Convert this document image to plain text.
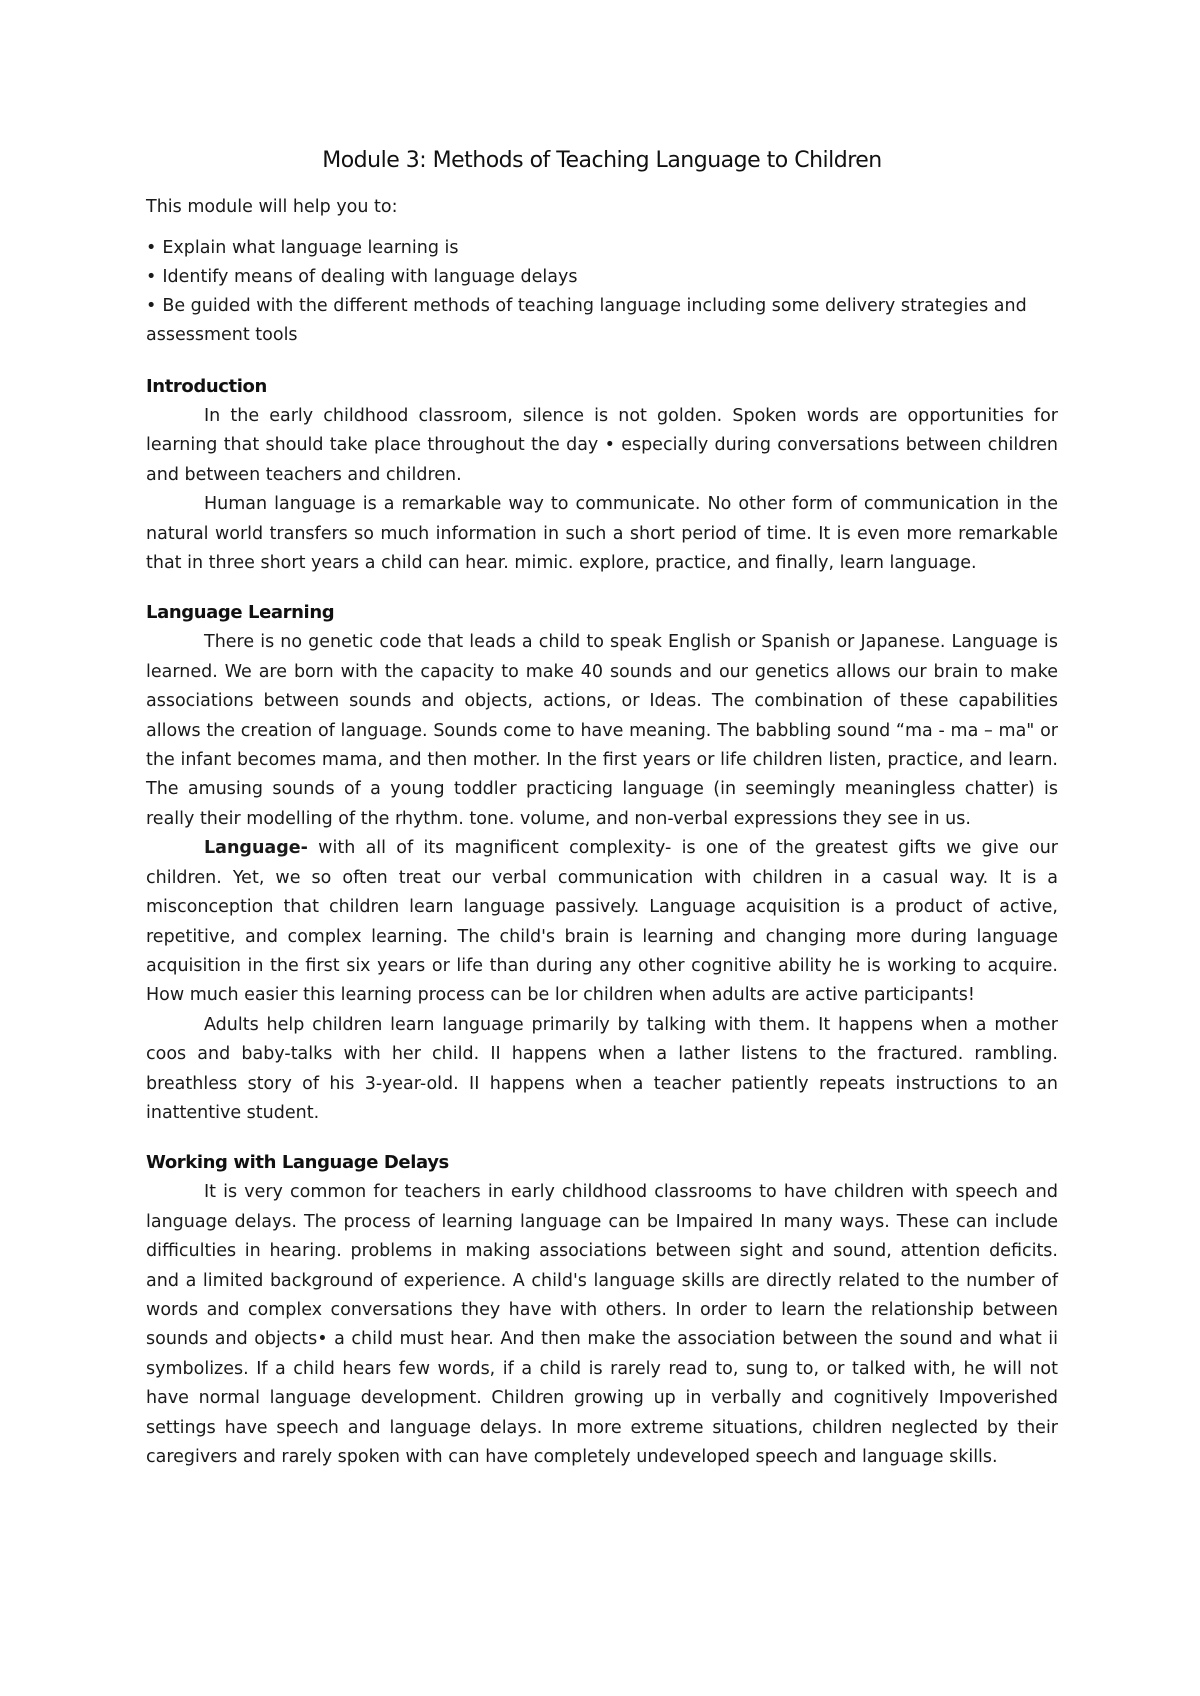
Module 3: Methods of Teaching Language to Children

This module will help you to:

• Explain what language learning is
• Identify means of dealing with language delays
• Be guided with the different methods of teaching language including some delivery strategies and assessment tools
Introduction

In the early childhood classroom, silence is not golden. Spoken words are opportunities for learning that should take place throughout the day • especially during conversations between children and between teachers and children.

Human language is a remarkable way to communicate. No other form of communication in the natural world transfers so much information in such a short period of time. It is even more remarkable that in three short years a child can hear. mimic. explore, practice, and finally, learn language.

Language Learning

There is no genetic code that leads a child to speak English or Spanish or Japanese. Language is learned. We are born with the capacity to make 40 sounds and our genetics allows our brain to make associations between sounds and objects, actions, or Ideas. The combination of these capabilities allows the creation of language. Sounds come to have meaning. The babbling sound “ma - ma – ma" or the infant becomes mama, and then mother. In the first years or life children listen, practice, and learn. The amusing sounds of a young toddler practicing language (in seemingly meaningless chatter) is really their modelling of the rhythm. tone. volume, and non-verbal expressions they see in us.

Language- with all of its magnificent complexity- is one of the greatest gifts we give our children. Yet, we so often treat our verbal communication with children in a casual way. It is a misconception that children learn language passively. Language acquisition is a product of active, repetitive, and complex learning. The child's brain is learning and changing more during language acquisition in the first six years or life than during any other cognitive ability he is working to acquire. How much easier this learning process can be lor children when adults are active participants!

Adults help children learn language primarily by talking with them. It happens when a mother coos and baby-talks with her child. II happens when a lather listens to the fractured. rambling. breathless story of his 3-year-old. II happens when a teacher patiently repeats instructions to an inattentive student.

Working with Language Delays

It is very common for teachers in early childhood classrooms to have children with speech and language delays. The process of learning language can be Impaired In many ways. These can include difficulties in hearing. problems in making associations between sight and sound, attention deficits. and a limited background of experience. A child's language skills are directly related to the number of words and complex conversations they have with others. In order to learn the relationship between sounds and objects• a child must hear. And then make the association between the sound and what ii symbolizes. If a child hears few words, if a child is rarely read to, sung to, or talked with, he will not have normal language development. Children growing up in verbally and cognitively Impoverished settings have speech and language delays. In more extreme situations, children neglected by their caregivers and rarely spoken with can have completely undeveloped speech and language skills.
